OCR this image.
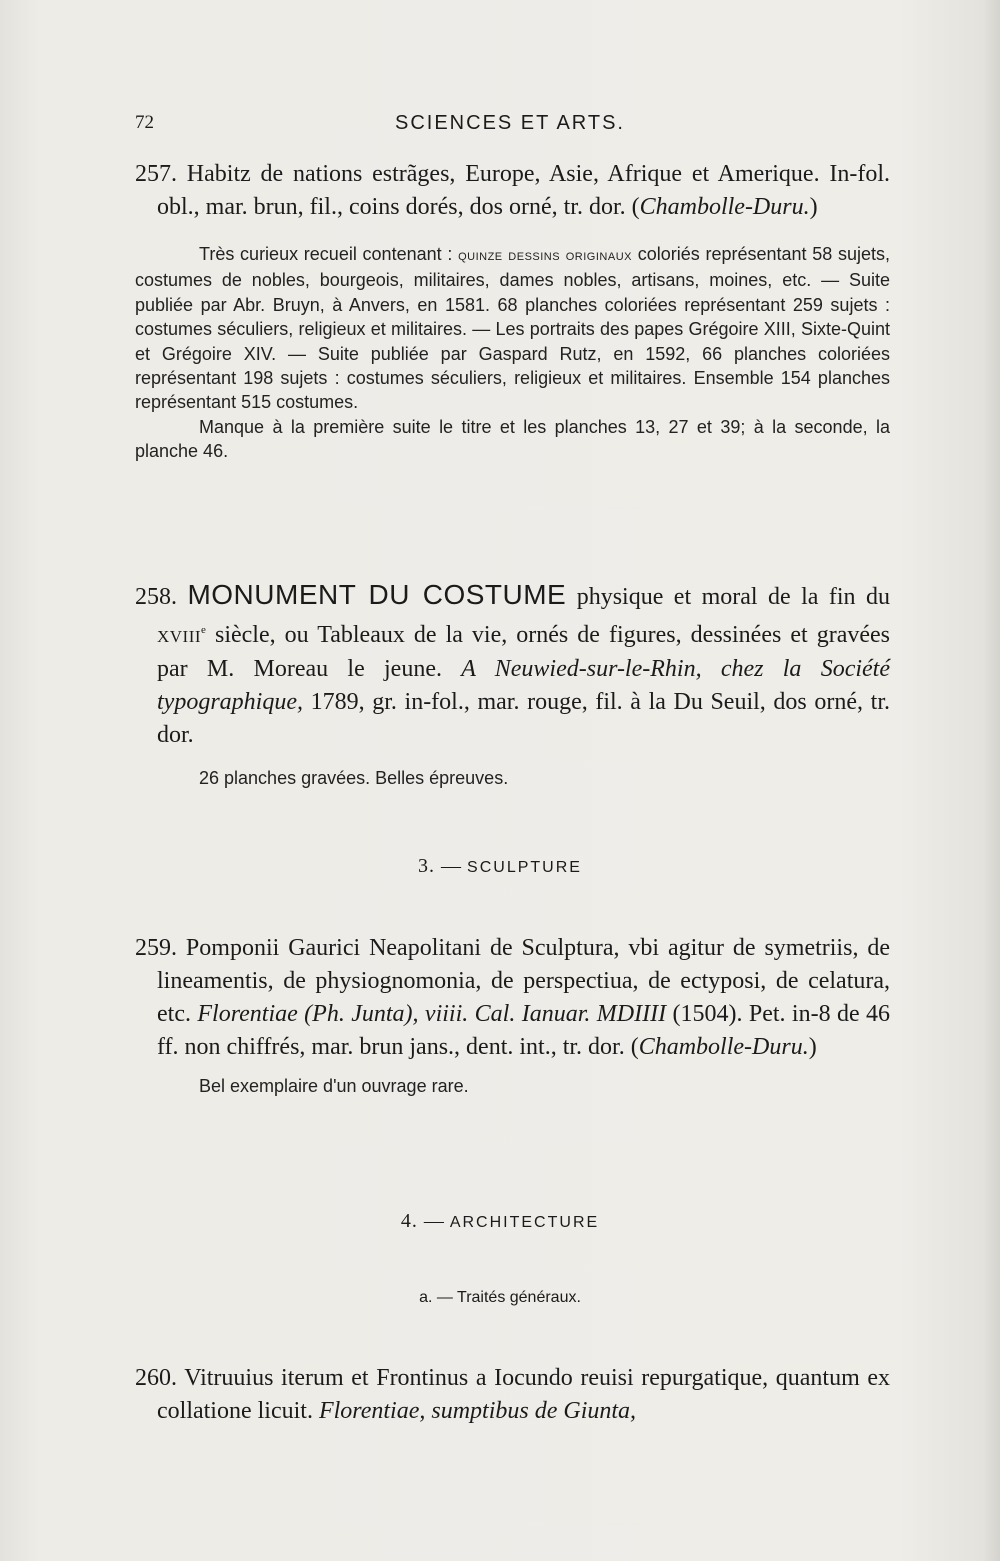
72	SCIENCES ET ARTS.
257. Habitz de nations estrãges, Europe, Asie, Afrique et Amerique. In-fol. obl., mar. brun, fil., coins dorés, dos orné, tr. dor. (Chambolle-Duru.)

Très curieux recueil contenant : quinze dessins originaux coloriés représentant 58 sujets, costumes de nobles, bourgeois, militaires, dames nobles, artisans, moines, etc. — Suite publiée par Abr. Bruyn, à Anvers, en 1581. 68 planches coloriées représentant 259 sujets : costumes séculiers, religieux et militaires. — Les portraits des papes Grégoire XIII, Sixte-Quint et Grégoire XIV. — Suite publiée par Gaspard Rutz, en 1592, 66 planches coloriées représentant 198 sujets : costumes séculiers, religieux et militaires. Ensemble 154 planches représentant 515 costumes.

Manque à la première suite le titre et les planches 13, 27 et 39; à la seconde, la planche 46.

258. MONUMENT DU COSTUME physique et moral de la fin du XVIIIe siècle, ou Tableaux de la vie, ornés de figures, dessinées et gravées par M. Moreau le jeune. A Neuwied-sur-le-Rhin, chez la Société typographique, 1789, gr. in-fol., mar. rouge, fil. à la Du Seuil, dos orné, tr. dor.

26 planches gravées. Belles épreuves.

3. — SCULPTURE
259. Pomponii Gaurici Neapolitani de Sculptura, vbi agitur de symetriis, de lineamentis, de physiognomonia, de perspectiua, de ectyposi, de celatura, etc. Florentiae (Ph. Junta), viiii. Cal. Ianuar. MDIIII (1504). Pet. in-8 de 46 ff. non chiffrés, mar. brun jans., dent. int., tr. dor. (Chambolle-Duru.)

Bel exemplaire d'un ouvrage rare.

4. — ARCHITECTURE
a. — Traités généraux.
260. Vitruuius iterum et Frontinus a Iocundo reuisi repurgatique, quantum ex collatione licuit. Florentiae, sumptibus de Giunta,
